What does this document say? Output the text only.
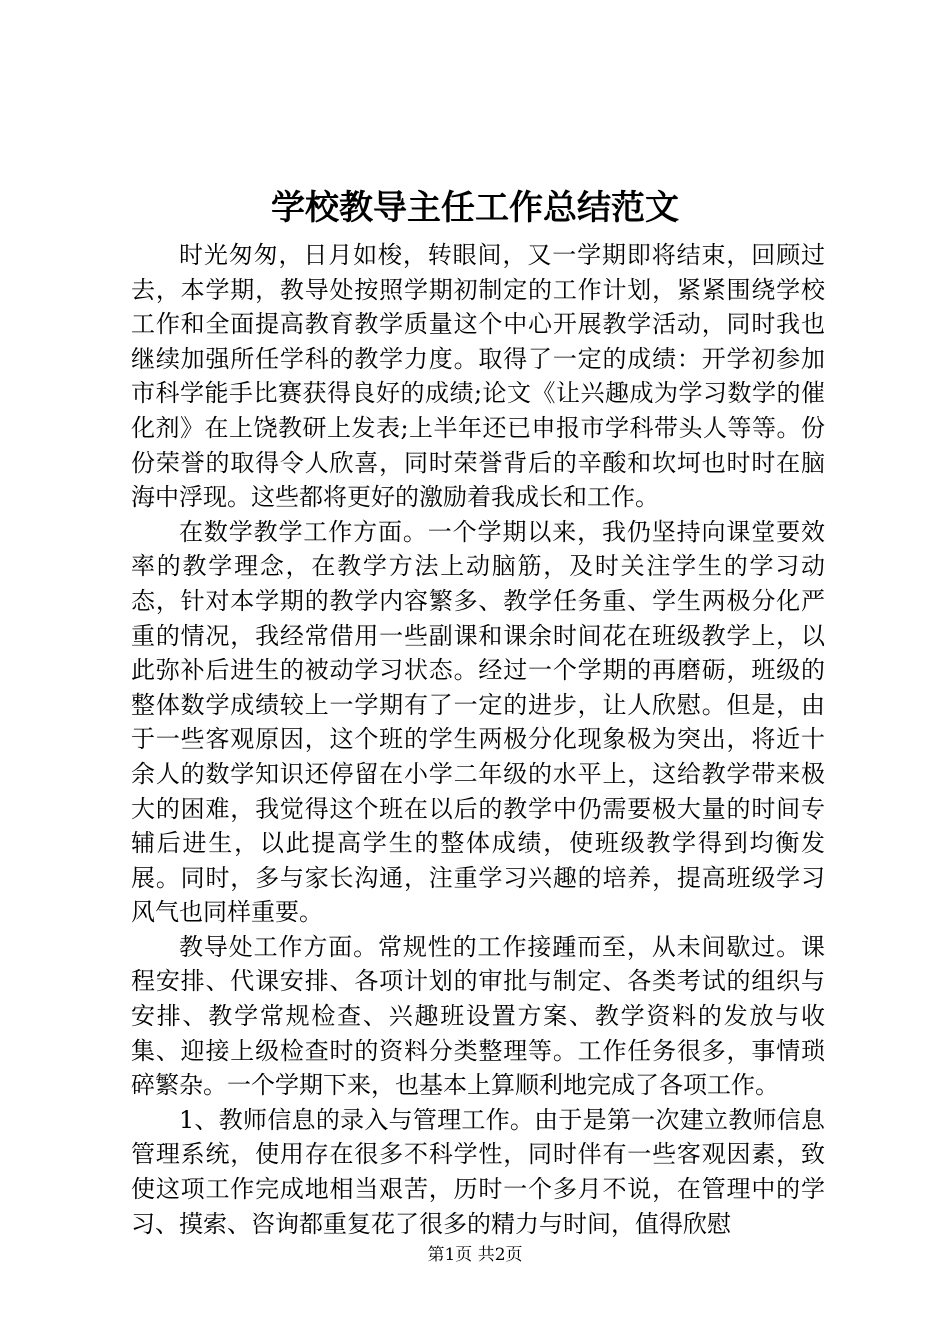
学校教导主任工作总结范文

时光匆匆，日月如梭，转眼间，又一学期即将结束，回顾过去，本学期，教导处按照学期初制定的工作计划，紧紧围绕学校工作和全面提高教育教学质量这个中心开展教学活动，同时我也继续加强所任学科的教学力度。取得了一定的成绩：开学初参加市科学能手比赛获得良好的成绩;论文《让兴趣成为学习数学的催化剂》在上饶教研上发表;上半年还已申报市学科带头人等等。份份荣誉的取得令人欣喜，同时荣誉背后的辛酸和坎坷也时时在脑海中浮现。这些都将更好的激励着我成长和工作。

在数学教学工作方面。一个学期以来，我仍坚持向课堂要效率的教学理念，在教学方法上动脑筋，及时关注学生的学习动态，针对本学期的教学内容繁多、教学任务重、学生两极分化严重的情况，我经常借用一些副课和课余时间花在班级教学上，以此弥补后进生的被动学习状态。经过一个学期的再磨砺，班级的整体数学成绩较上一学期有了一定的进步，让人欣慰。但是，由于一些客观原因，这个班的学生两极分化现象极为突出，将近十余人的数学知识还停留在小学二年级的水平上，这给教学带来极大的困难，我觉得这个班在以后的教学中仍需要极大量的时间专辅后进生，以此提高学生的整体成绩，使班级教学得到均衡发展。同时，多与家长沟通，注重学习兴趣的培养，提高班级学习风气也同样重要。

教导处工作方面。常规性的工作接踵而至，从未间歇过。课程安排、代课安排、各项计划的审批与制定、各类考试的组织与安排、教学常规检查、兴趣班设置方案、教学资料的发放与收集、迎接上级检查时的资料分类整理等。工作任务很多，事情琐碎繁杂。一个学期下来，也基本上算顺利地完成了各项工作。

1、教师信息的录入与管理工作。由于是第一次建立教师信息管理系统，使用存在很多不科学性，同时伴有一些客观因素，致使这项工作完成地相当艰苦，历时一个多月不说，在管理中的学习、摸索、咨询都重复花了很多的精力与时间，值得欣慰

第1页 共2页
